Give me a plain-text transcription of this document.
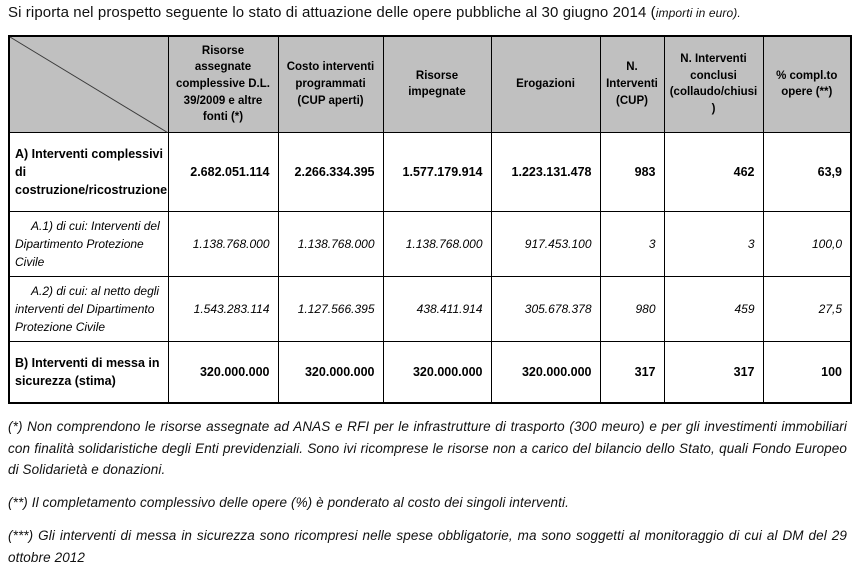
Si riporta nel prospetto seguente lo stato di attuazione delle opere pubbliche al 30 giugno 2014 (importi in euro).

	Risorse assegnate complessive D.L. 39/2009 e altre fonti (*)	Costo interventi programmati (CUP aperti)	Risorse impegnate	Erogazioni	N. Interventi (CUP)	N. Interventi conclusi (collaudo/chiusi)	% compl.to opere (**)
A) Interventi complessivi di costruzione/ricostruzione	2.682.051.114	2.266.334.395	1.577.179.914	1.223.131.478	983	462	63,9
A.1) di cui: Interventi del Dipartimento Protezione Civile	1.138.768.000	1.138.768.000	1.138.768.000	917.453.100	3	3	100,0
A.2) di cui: al netto degli interventi del Dipartimento Protezione Civile	1.543.283.114	1.127.566.395	438.411.914	305.678.378	980	459	27,5
B) Interventi di messa in sicurezza (stima)	320.000.000	320.000.000	320.000.000	320.000.000	317	317	100

(*) Non comprendono le risorse assegnate ad ANAS e RFI per le infrastrutture di trasporto (300 meuro) e per gli investimenti immobiliari con finalità solidaristiche degli Enti previdenziali. Sono ivi ricomprese le risorse non a carico del bilancio dello Stato, quali Fondo Europeo di Solidarietà e donazioni.

(**) Il completamento complessivo delle opere (%) è ponderato al costo dei singoli interventi.

(***) Gli interventi di messa in sicurezza sono ricompresi nelle spese obbligatorie, ma sono soggetti al monitoraggio di cui al DM del 29 ottobre 2012
